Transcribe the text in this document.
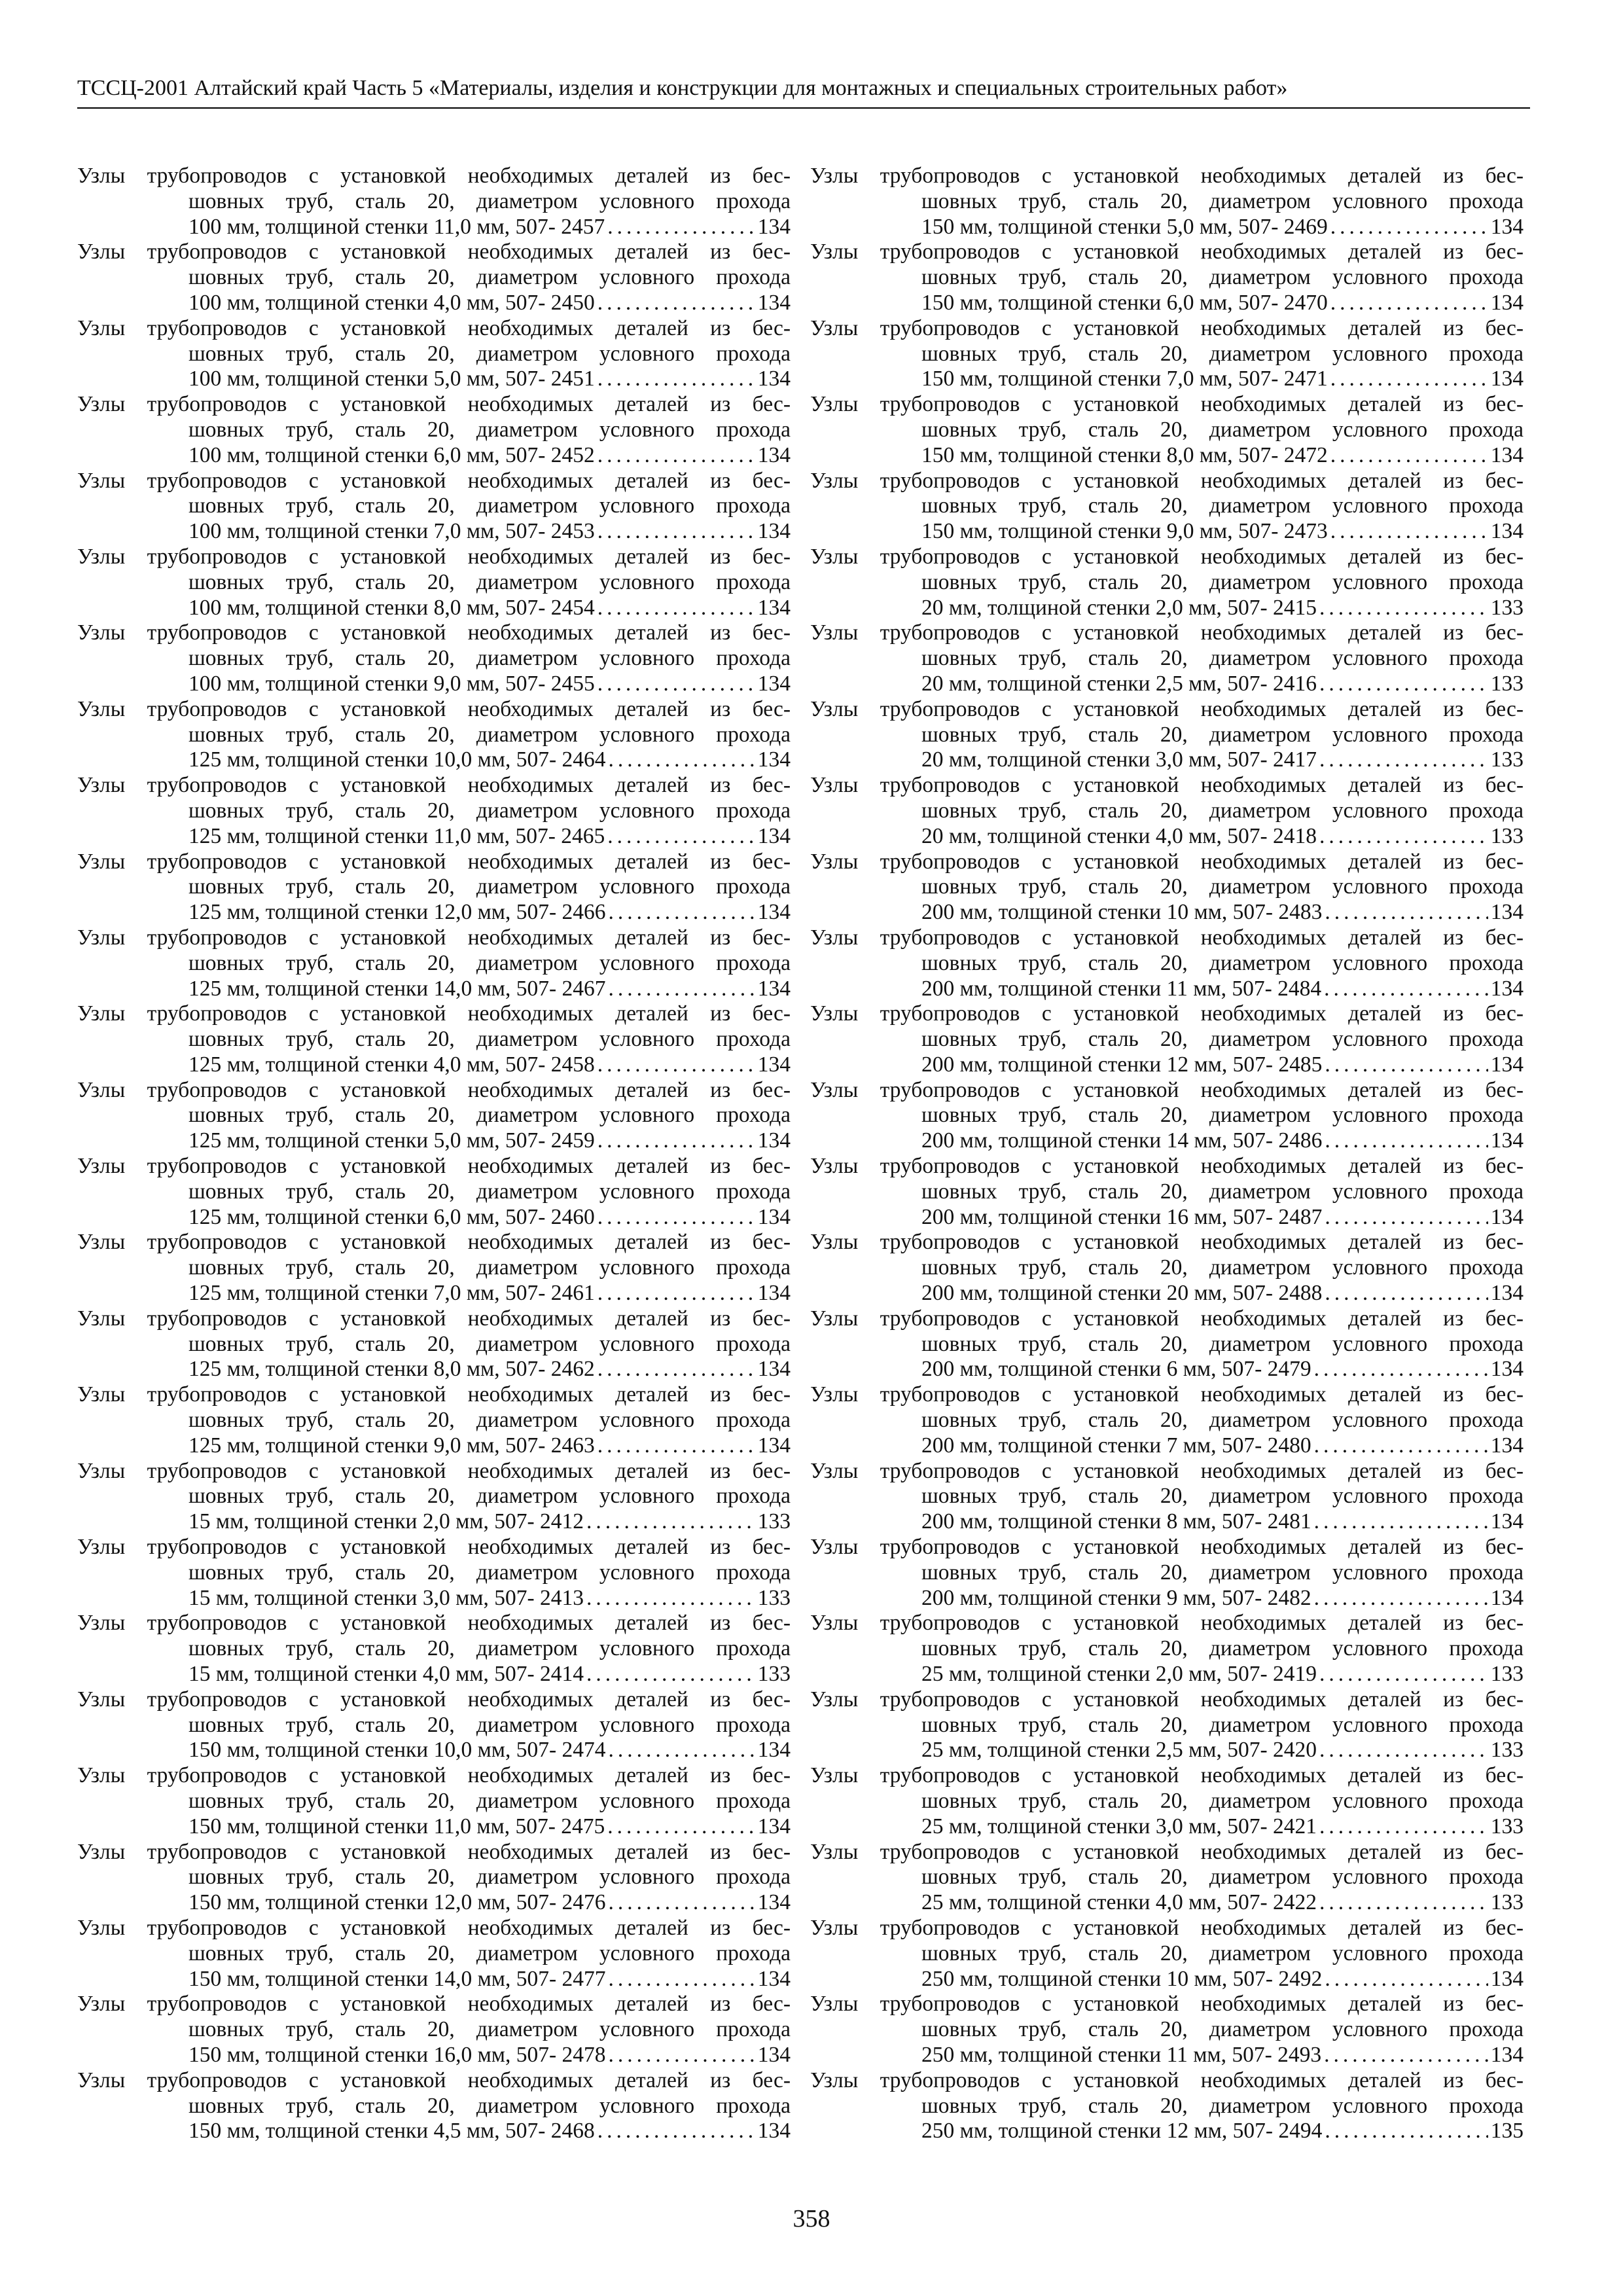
ТССЦ-2001 Алтайский край Часть 5 «Материалы, изделия и конструкции для монтажных и специальных строительных работ»
Узлы трубопроводов с установкой необходимых деталей из бес-
шовных труб, сталь 20, диаметром условного прохода
100 мм, толщиной стенки 11,0 мм, 507- 2457 .....	134
Узлы трубопроводов с установкой необходимых деталей из бес-
шовных труб, сталь 20, диаметром условного прохода
100 мм, толщиной стенки 4,0 мм, 507- 2450 .....	134
Узлы трубопроводов с установкой необходимых деталей из бес-
шовных труб, сталь 20, диаметром условного прохода
100 мм, толщиной стенки 5,0 мм, 507- 2451 .....	134
Узлы трубопроводов с установкой необходимых деталей из бес-
шовных труб, сталь 20, диаметром условного прохода
100 мм, толщиной стенки 6,0 мм, 507- 2452 .....	134
Узлы трубопроводов с установкой необходимых деталей из бес-
шовных труб, сталь 20, диаметром условного прохода
100 мм, толщиной стенки 7,0 мм, 507- 2453 .....	134
Узлы трубопроводов с установкой необходимых деталей из бес-
шовных труб, сталь 20, диаметром условного прохода
100 мм, толщиной стенки 8,0 мм, 507- 2454 .....	134
Узлы трубопроводов с установкой необходимых деталей из бес-
шовных труб, сталь 20, диаметром условного прохода
100 мм, толщиной стенки 9,0 мм, 507- 2455 .....	134
Узлы трубопроводов с установкой необходимых деталей из бес-
шовных труб, сталь 20, диаметром условного прохода
125 мм, толщиной стенки 10,0 мм, 507- 2464 .....	134
Узлы трубопроводов с установкой необходимых деталей из бес-
шовных труб, сталь 20, диаметром условного прохода
125 мм, толщиной стенки 11,0 мм, 507- 2465 .....	134
Узлы трубопроводов с установкой необходимых деталей из бес-
шовных труб, сталь 20, диаметром условного прохода
125 мм, толщиной стенки 12,0 мм, 507- 2466 .....	134
Узлы трубопроводов с установкой необходимых деталей из бес-
шовных труб, сталь 20, диаметром условного прохода
125 мм, толщиной стенки 14,0 мм, 507- 2467 .....	134
Узлы трубопроводов с установкой необходимых деталей из бес-
шовных труб, сталь 20, диаметром условного прохода
125 мм, толщиной стенки 4,0 мм, 507- 2458 .....	134
Узлы трубопроводов с установкой необходимых деталей из бес-
шовных труб, сталь 20, диаметром условного прохода
125 мм, толщиной стенки 5,0 мм, 507- 2459 .....	134
Узлы трубопроводов с установкой необходимых деталей из бес-
шовных труб, сталь 20, диаметром условного прохода
125 мм, толщиной стенки 6,0 мм, 507- 2460 .....	134
Узлы трубопроводов с установкой необходимых деталей из бес-
шовных труб, сталь 20, диаметром условного прохода
125 мм, толщиной стенки 7,0 мм, 507- 2461 .....	134
Узлы трубопроводов с установкой необходимых деталей из бес-
шовных труб, сталь 20, диаметром условного прохода
125 мм, толщиной стенки 8,0 мм, 507- 2462 .....	134
Узлы трубопроводов с установкой необходимых деталей из бес-
шовных труб, сталь 20, диаметром условного прохода
125 мм, толщиной стенки 9,0 мм, 507- 2463 .....	134
Узлы трубопроводов с установкой необходимых деталей из бес-
шовных труб, сталь 20, диаметром условного прохода
15 мм, толщиной стенки 2,0 мм, 507- 2412 .....	133
Узлы трубопроводов с установкой необходимых деталей из бес-
шовных труб, сталь 20, диаметром условного прохода
15 мм, толщиной стенки 3,0 мм, 507- 2413 .....	133
Узлы трубопроводов с установкой необходимых деталей из бес-
шовных труб, сталь 20, диаметром условного прохода
15 мм, толщиной стенки 4,0 мм, 507- 2414 .....	133
Узлы трубопроводов с установкой необходимых деталей из бес-
шовных труб, сталь 20, диаметром условного прохода
150 мм, толщиной стенки 10,0 мм, 507- 2474 .....	134
Узлы трубопроводов с установкой необходимых деталей из бес-
шовных труб, сталь 20, диаметром условного прохода
150 мм, толщиной стенки 11,0 мм, 507- 2475 .....	134
Узлы трубопроводов с установкой необходимых деталей из бес-
шовных труб, сталь 20, диаметром условного прохода
150 мм, толщиной стенки 12,0 мм, 507- 2476 .....	134
Узлы трубопроводов с установкой необходимых деталей из бес-
шовных труб, сталь 20, диаметром условного прохода
150 мм, толщиной стенки 14,0 мм, 507- 2477 .....	134
Узлы трубопроводов с установкой необходимых деталей из бес-
шовных труб, сталь 20, диаметром условного прохода
150 мм, толщиной стенки 16,0 мм, 507- 2478 .....	134
Узлы трубопроводов с установкой необходимых деталей из бес-
шовных труб, сталь 20, диаметром условного прохода
150 мм, толщиной стенки 4,5 мм, 507- 2468 .....	134
Узлы трубопроводов с установкой необходимых деталей из бес-
шовных труб, сталь 20, диаметром условного прохода
150 мм, толщиной стенки 5,0 мм, 507- 2469 .....	134
Узлы трубопроводов с установкой необходимых деталей из бес-
шовных труб, сталь 20, диаметром условного прохода
150 мм, толщиной стенки 6,0 мм, 507- 2470 .....	134
Узлы трубопроводов с установкой необходимых деталей из бес-
шовных труб, сталь 20, диаметром условного прохода
150 мм, толщиной стенки 7,0 мм, 507- 2471 .....	134
Узлы трубопроводов с установкой необходимых деталей из бес-
шовных труб, сталь 20, диаметром условного прохода
150 мм, толщиной стенки 8,0 мм, 507- 2472 .....	134
Узлы трубопроводов с установкой необходимых деталей из бес-
шовных труб, сталь 20, диаметром условного прохода
150 мм, толщиной стенки 9,0 мм, 507- 2473 .....	134
Узлы трубопроводов с установкой необходимых деталей из бес-
шовных труб, сталь 20, диаметром условного прохода
20 мм, толщиной стенки 2,0 мм, 507- 2415 .....	133
Узлы трубопроводов с установкой необходимых деталей из бес-
шовных труб, сталь 20, диаметром условного прохода
20 мм, толщиной стенки 2,5 мм, 507- 2416 .....	133
Узлы трубопроводов с установкой необходимых деталей из бес-
шовных труб, сталь 20, диаметром условного прохода
20 мм, толщиной стенки 3,0 мм, 507- 2417 .....	133
Узлы трубопроводов с установкой необходимых деталей из бес-
шовных труб, сталь 20, диаметром условного прохода
20 мм, толщиной стенки 4,0 мм, 507- 2418 .....	133
Узлы трубопроводов с установкой необходимых деталей из бес-
шовных труб, сталь 20, диаметром условного прохода
200 мм, толщиной стенки 10 мм, 507- 2483 .....	134
Узлы трубопроводов с установкой необходимых деталей из бес-
шовных труб, сталь 20, диаметром условного прохода
200 мм, толщиной стенки 11 мм, 507- 2484 .....	134
Узлы трубопроводов с установкой необходимых деталей из бес-
шовных труб, сталь 20, диаметром условного прохода
200 мм, толщиной стенки 12 мм, 507- 2485 .....	134
Узлы трубопроводов с установкой необходимых деталей из бес-
шовных труб, сталь 20, диаметром условного прохода
200 мм, толщиной стенки 14 мм, 507- 2486 .....	134
Узлы трубопроводов с установкой необходимых деталей из бес-
шовных труб, сталь 20, диаметром условного прохода
200 мм, толщиной стенки 16 мм, 507- 2487 .....	134
Узлы трубопроводов с установкой необходимых деталей из бес-
шовных труб, сталь 20, диаметром условного прохода
200 мм, толщиной стенки 20 мм, 507- 2488 .....	134
Узлы трубопроводов с установкой необходимых деталей из бес-
шовных труб, сталь 20, диаметром условного прохода
200 мм, толщиной стенки 6 мм, 507- 2479 .....	134
Узлы трубопроводов с установкой необходимых деталей из бес-
шовных труб, сталь 20, диаметром условного прохода
200 мм, толщиной стенки 7 мм, 507- 2480 .....	134
Узлы трубопроводов с установкой необходимых деталей из бес-
шовных труб, сталь 20, диаметром условного прохода
200 мм, толщиной стенки 8 мм, 507- 2481 .....	134
Узлы трубопроводов с установкой необходимых деталей из бес-
шовных труб, сталь 20, диаметром условного прохода
200 мм, толщиной стенки 9 мм, 507- 2482 .....	134
Узлы трубопроводов с установкой необходимых деталей из бес-
шовных труб, сталь 20, диаметром условного прохода
25 мм, толщиной стенки 2,0 мм, 507- 2419 .....	133
Узлы трубопроводов с установкой необходимых деталей из бес-
шовных труб, сталь 20, диаметром условного прохода
25 мм, толщиной стенки 2,5 мм, 507- 2420 .....	133
Узлы трубопроводов с установкой необходимых деталей из бес-
шовных труб, сталь 20, диаметром условного прохода
25 мм, толщиной стенки 3,0 мм, 507- 2421 .....	133
Узлы трубопроводов с установкой необходимых деталей из бес-
шовных труб, сталь 20, диаметром условного прохода
25 мм, толщиной стенки 4,0 мм, 507- 2422 .....	133
Узлы трубопроводов с установкой необходимых деталей из бес-
шовных труб, сталь 20, диаметром условного прохода
250 мм, толщиной стенки 10 мм, 507- 2492 .....	134
Узлы трубопроводов с установкой необходимых деталей из бес-
шовных труб, сталь 20, диаметром условного прохода
250 мм, толщиной стенки 11 мм, 507- 2493 .....	134
Узлы трубопроводов с установкой необходимых деталей из бес-
шовных труб, сталь 20, диаметром условного прохода
250 мм, толщиной стенки 12 мм, 507- 2494 .....	135
358
